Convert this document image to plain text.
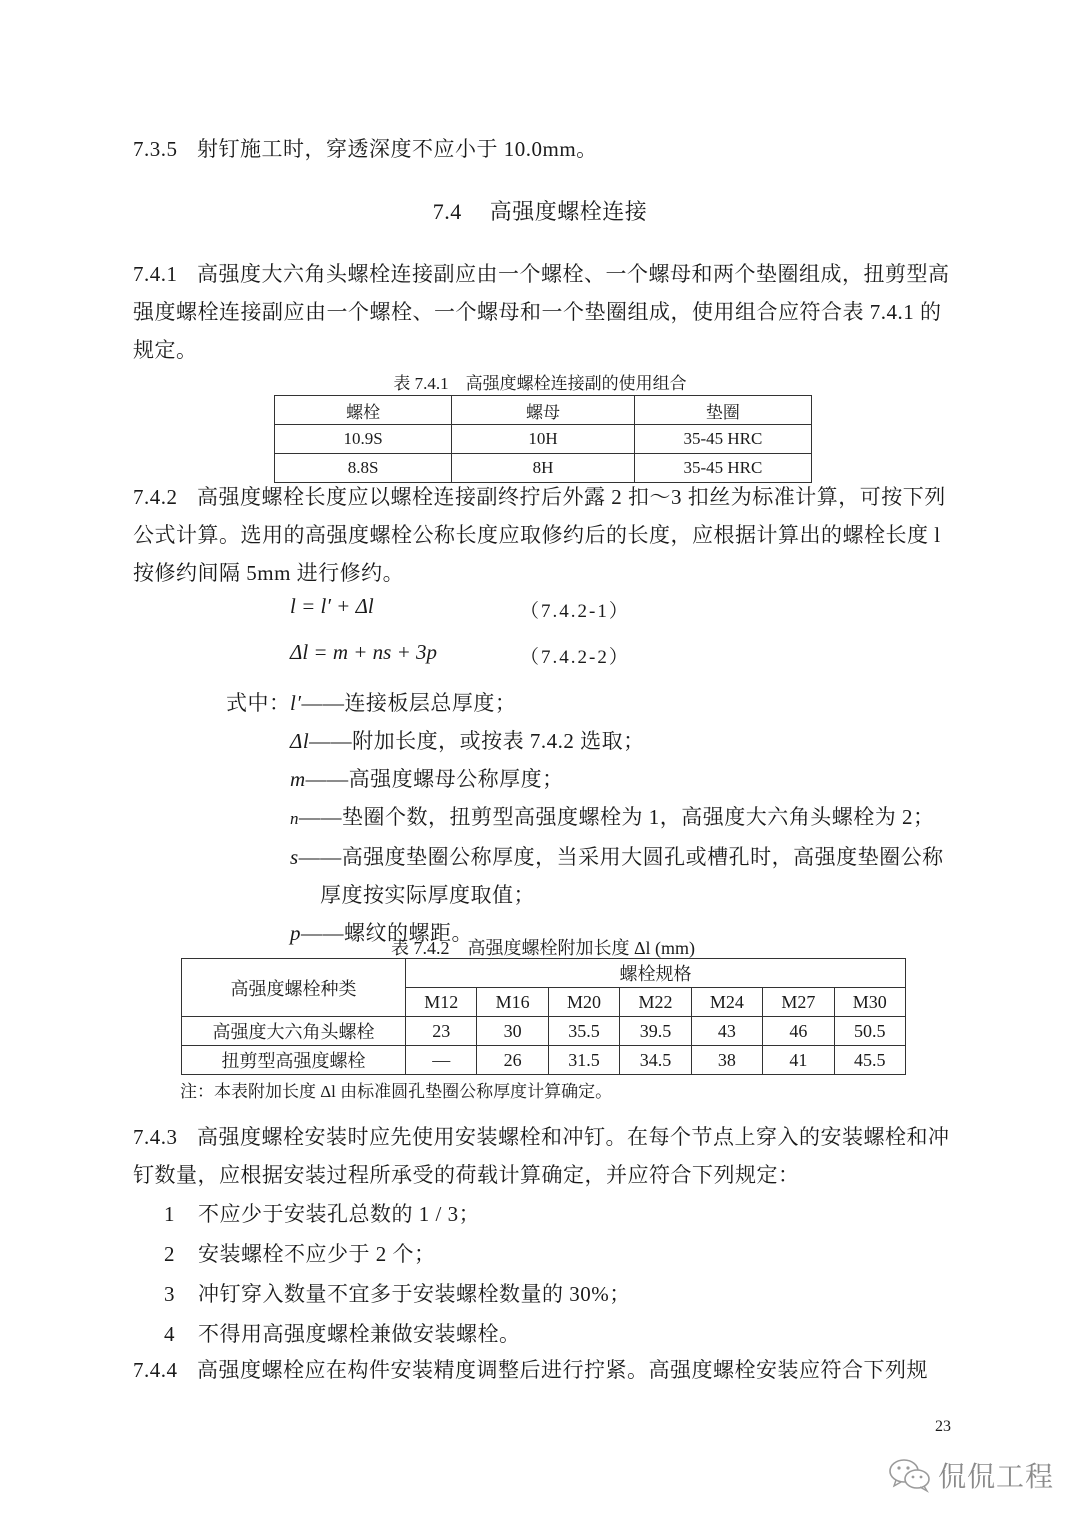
7.3.5 射钉施工时，穿透深度不应小于 10.0mm。
7.4 高强度螺栓连接
7.4.1 高强度大六角头螺栓连接副应由一个螺栓、一个螺母和两个垫圈组成，扭剪型高
强度螺栓连接副应由一个螺栓、一个螺母和一个垫圈组成，使用组合应符合表 7.4.1 的
规定。
表 7.4.1　高强度螺栓连接副的使用组合
螺栓	螺母	垫圈
10.9S	10H	35-45 HRC
8.8S	8H	35-45 HRC
7.4.2 高强度螺栓长度应以螺栓连接副终拧后外露 2 扣～3 扣丝为标准计算，可按下列
公式计算。选用的高强度螺栓公称长度应取修约后的长度，应根据计算出的螺栓长度 l
按修约间隔 5mm 进行修约。
l = l′ + Δl	（7.4.2-1）
Δl = m + ns + 3p	（7.4.2-2）
式中： l′——连接板层总厚度；
Δl——附加长度，或按表 7.4.2 选取；
m——高强度螺母公称厚度；
n——垫圈个数，扭剪型高强度螺栓为 1，高强度大六角头螺栓为 2；
s——高强度垫圈公称厚度，当采用大圆孔或槽孔时，高强度垫圈公称
厚度按实际厚度取值；
p——螺纹的螺距。
表 7.4.2　高强度螺栓附加长度 Δl (mm)
高强度螺栓种类	螺栓规格						
	M12	M16	M20	M22	M24	M27	M30
高强度大六角头螺栓	23	30	35.5	39.5	43	46	50.5
扭剪型高强度螺栓	—	26	31.5	34.5	38	41	45.5
注：本表附加长度 Δl 由标准圆孔垫圈公称厚度计算确定。
7.4.3 高强度螺栓安装时应先使用安装螺栓和冲钉。在每个节点上穿入的安装螺栓和冲
钉数量，应根据安装过程所承受的荷载计算确定，并应符合下列规定：
1 不应少于安装孔总数的 1 / 3；
2 安装螺栓不应少于 2 个；
3 冲钉穿入数量不宜多于安装螺栓数量的 30%；
4 不得用高强度螺栓兼做安装螺栓。
7.4.4 高强度螺栓应在构件安装精度调整后进行拧紧。高强度螺栓安装应符合下列规
23
侃侃工程
